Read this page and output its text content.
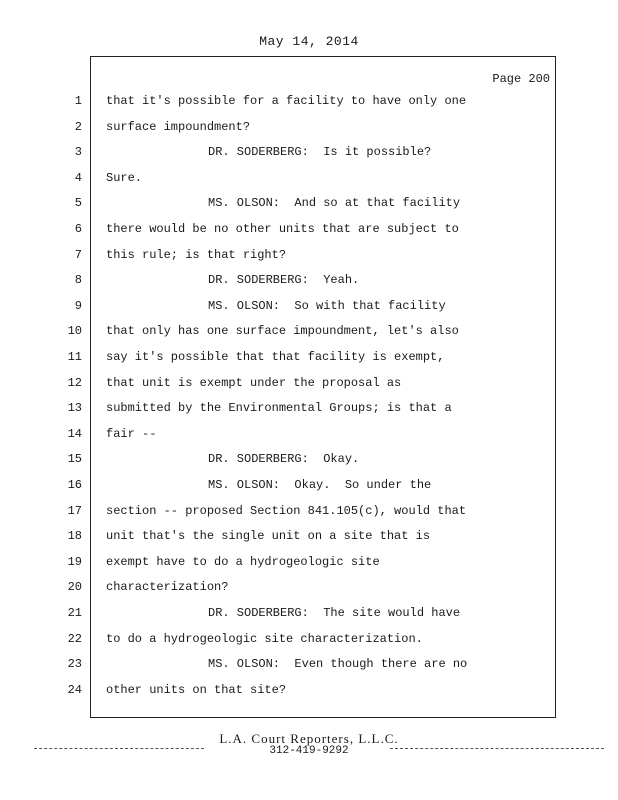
May 14, 2014
Page 200
1 that it's possible for a facility to have only one
2 surface impoundment?
3	DR. SODERBERG:  Is it possible?
4 Sure.
5	MS. OLSON:  And so at that facility
6 there would be no other units that are subject to
7 this rule; is that right?
8	DR. SODERBERG:  Yeah.
9	MS. OLSON:  So with that facility
10 that only has one surface impoundment, let's also
11 say it's possible that that facility is exempt,
12 that unit is exempt under the proposal as
13 submitted by the Environmental Groups; is that a
14 fair --
15	DR. SODERBERG:  Okay.
16	MS. OLSON:  Okay.  So under the
17 section -- proposed Section 841.105(c), would that
18 unit that's the single unit on a site that is
19 exempt have to do a hydrogeologic site
20 characterization?
21	DR. SODERBERG:  The site would have
22 to do a hydrogeologic site characterization.
23	MS. OLSON:  Even though there are no
24 other units on that site?
L.A. Court Reporters, L.L.C.
312-419-9292
